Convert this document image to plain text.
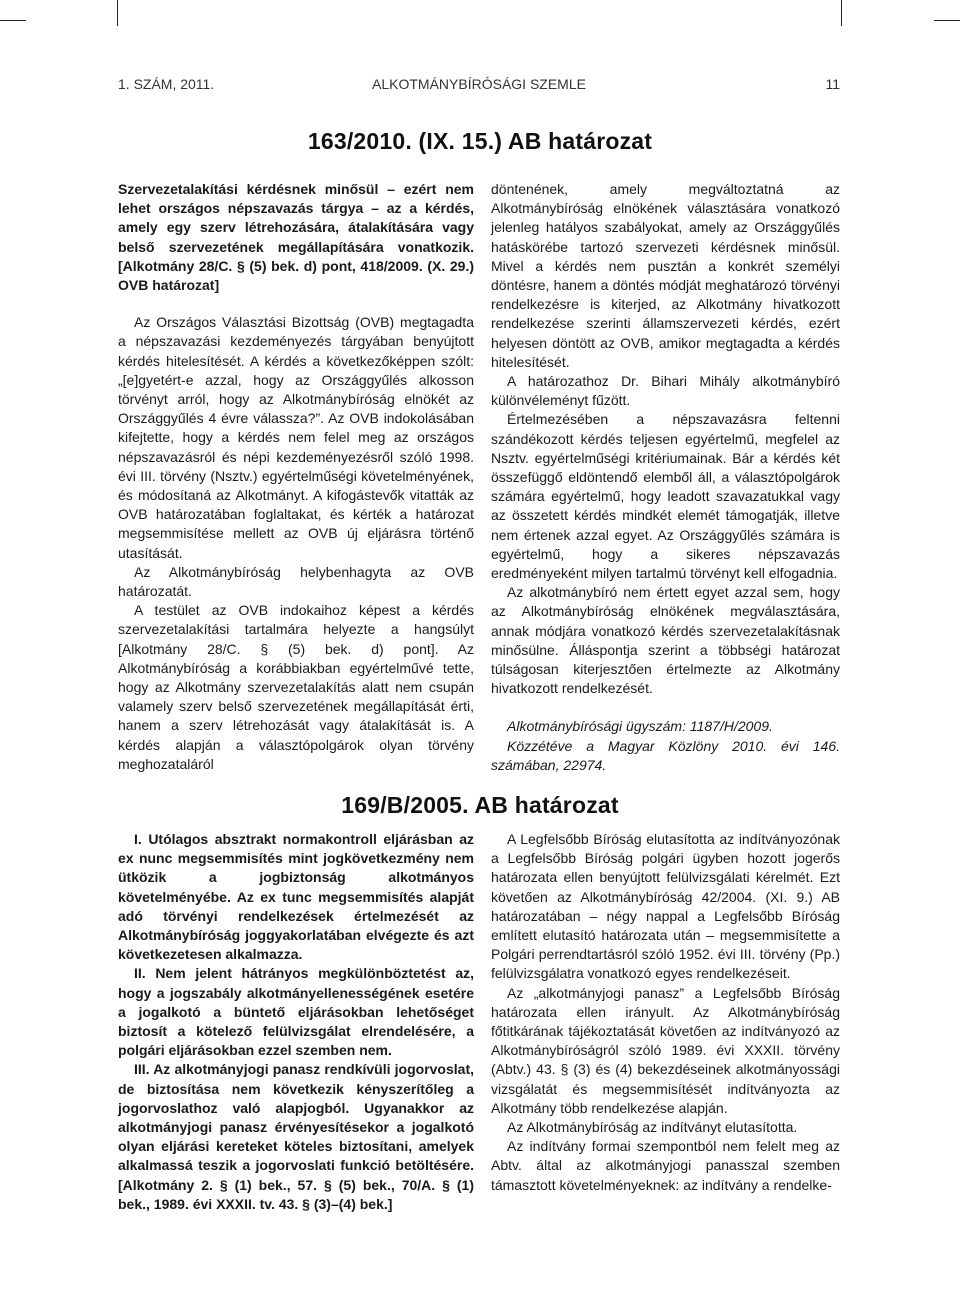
1. SZÁM, 2011.	ALKOTMÁNYBÍRÓSÁGI SZEMLE	11
163/2010. (IX. 15.) AB határozat

Szervezetalakítási kérdésnek minősül – ezért nem lehet országos népszavazás tárgya – az a kérdés, amely egy szerv létrehozására, átalakítására vagy belső szervezetének megállapítására vonatkozik. [Alkotmány 28/C. § (5) bek. d) pont, 418/2009. (X. 29.) OVB határozat]

Az Országos Választási Bizottság (OVB) megtagadta a népszavazási kezdeményezés tárgyában benyújtott kérdés hitelesítését. A kérdés a következőképpen szólt: „[e]gyetért-e azzal, hogy az Országgyűlés alkosson törvényt arról, hogy az Alkotmánybíróság elnökét az Országgyűlés 4 évre válassza?”. Az OVB indokolásában kifejtette, hogy a kérdés nem felel meg az országos népszavazásról és népi kezdeményezésről szóló 1998. évi III. törvény (Nsztv.) egyértelműségi követelményének, és módosítaná az Alkotmányt. A kifogástevők vitatták az OVB határozatában foglaltakat, és kérték a határozat megsemmisítése mellett az OVB új eljárásra történő utasítását.

Az Alkotmánybíróság helybenhagyta az OVB határozatát.

A testület az OVB indokaihoz képest a kérdés szervezetalakítási tartalmára helyezte a hangsúlyt [Alkotmány 28/C. § (5) bek. d) pont]. Az Alkotmánybíróság a korábbiakban egyértelművé tette, hogy az Alkotmány szervezetalakítás alatt nem csupán valamely szerv belső szervezetének megállapítását érti, hanem a szerv létrehozását vagy átalakítását is. A kérdés alapján a választópolgárok olyan törvény meghozataláról

döntenének, amely megváltoztatná az Alkotmánybíróság elnökének választására vonatkozó jelenleg hatályos szabályokat, amely az Országgyűlés hatáskörébe tartozó szervezeti kérdésnek minősül. Mivel a kérdés nem pusztán a konkrét személyi döntésre, hanem a döntés módját meghatározó törvényi rendelkezésre is kiterjed, az Alkotmány hivatkozott rendelkezése szerinti államszervezeti kérdés, ezért helyesen döntött az OVB, amikor megtagadta a kérdés hitelesítését.

A határozathoz Dr. Bihari Mihály alkotmánybíró különvéleményt fűzött.

Értelmezésében a népszavazásra feltenni szándékozott kérdés teljesen egyértelmű, megfelel az Nsztv. egyértelműségi kritériumainak. Bár a kérdés két összefüggő eldöntendő elemből áll, a választópolgárok számára egyértelmű, hogy leadott szavazatukkal vagy az összetett kérdés mindkét elemét támogatják, illetve nem értenek azzal egyet. Az Országgyűlés számára is egyértelmű, hogy a sikeres népszavazás eredményeként milyen tartalmú törvényt kell elfogadnia.

Az alkotmánybíró nem értett egyet azzal sem, hogy az Alkotmánybíróság elnökének megválasztására, annak módjára vonatkozó kérdés szervezetalakításnak minősülne. Álláspontja szerint a többségi határozat túlságosan kiterjesztően értelmezte az Alkotmány hivatkozott rendelkezését.

Alkotmánybírósági ügyszám: 1187/H/2009.

Közzétéve a Magyar Közlöny 2010. évi 146. számában, 22974.

169/B/2005. AB határozat

I. Utólagos absztrakt normakontroll eljárásban az ex nunc megsemmisítés mint jogkövetkezmény nem ütközik a jogbiztonság alkotmányos követelményébe. Az ex tunc megsemmisítés alapját adó törvényi rendelkezések értelmezését az Alkotmánybíróság joggyakorlatában elvégezte és azt következetesen alkalmazza.

II. Nem jelent hátrányos megkülönböztetést az, hogy a jogszabály alkotmányellenességének esetére a jogalkotó a büntető eljárásokban lehetőséget biztosít a kötelező felülvizsgálat elrendelésére, a polgári eljárásokban ezzel szemben nem.

III. Az alkotmányjogi panasz rendkívüli jogorvoslat, de biztosítása nem következik kényszerítőleg a jogorvoslathoz való alapjogból. Ugyanakkor az alkotmányjogi panasz érvényesítésekor a jogalkotó olyan eljárási kereteket köteles biztosítani, amelyek alkalmassá teszik a jogorvoslati funkció betöltésére. [Alkotmány 2. § (1) bek., 57. § (5) bek., 70/A. § (1) bek., 1989. évi XXXII. tv. 43. § (3)–(4) bek.]

A Legfelsőbb Bíróság elutasította az indítványozónak a Legfelsőbb Bíróság polgári ügyben hozott jogerős határozata ellen benyújtott felülvizsgálati kérelmét. Ezt követően az Alkotmánybíróság 42/2004. (XI. 9.) AB határozatában – négy nappal a Legfelsőbb Bíróság említett elutasító határozata után – megsemmisítette a Polgári perrendtartásról szóló 1952. évi III. törvény (Pp.) felülvizsgálatra vonatkozó egyes rendelkezéseit.

Az „alkotmányjogi panasz” a Legfelsőbb Bíróság határozata ellen irányult. Az Alkotmánybíróság főtitkárának tájékoztatását követően az indítványozó az Alkotmánybíróságról szóló 1989. évi XXXII. törvény (Abtv.) 43. § (3) és (4) bekezdéseinek alkotmányossági vizsgálatát és megsemmisítését indítványozta az Alkotmány több rendelkezése alapján.

Az Alkotmánybíróság az indítványt elutasította.

Az indítvány formai szempontból nem felelt meg az Abtv. által az alkotmányjogi panasszal szemben támasztott követelményeknek: az indítvány a rendelke-
